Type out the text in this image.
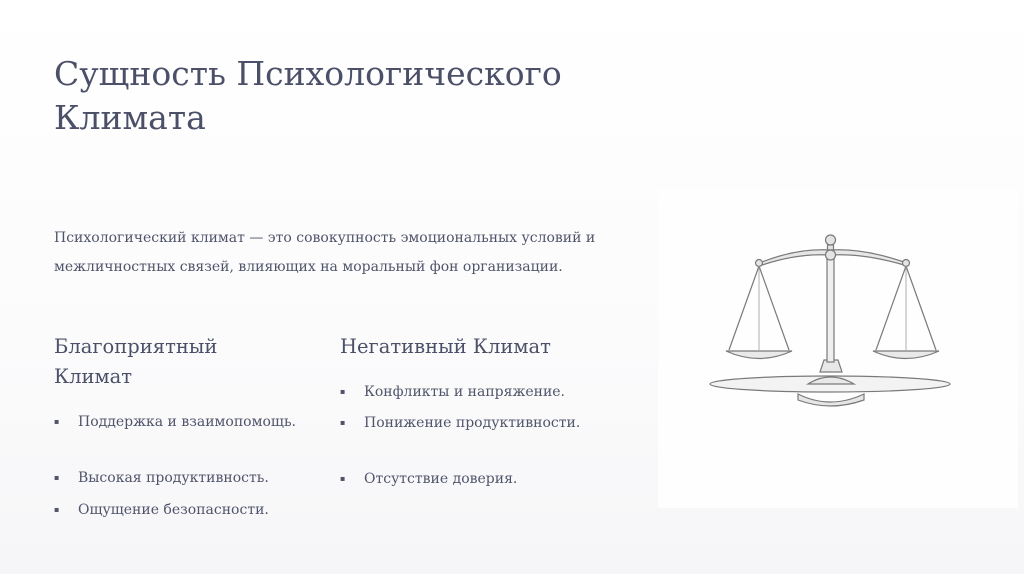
Сущность Психологического
Климата
Психологический климат — это совокупность эмоциональных условий и
межличностных связей, влияющих на моральный фон организации.
Благоприятный
Климат
▪ Поддержка и взаимопомощь.
▪ Высокая продуктивность.
▪ Ощущение безопасности.
Негативный Климат
▪ Конфликты и напряжение.
▪ Понижение продуктивности.
▪ Отсутствие доверия.
